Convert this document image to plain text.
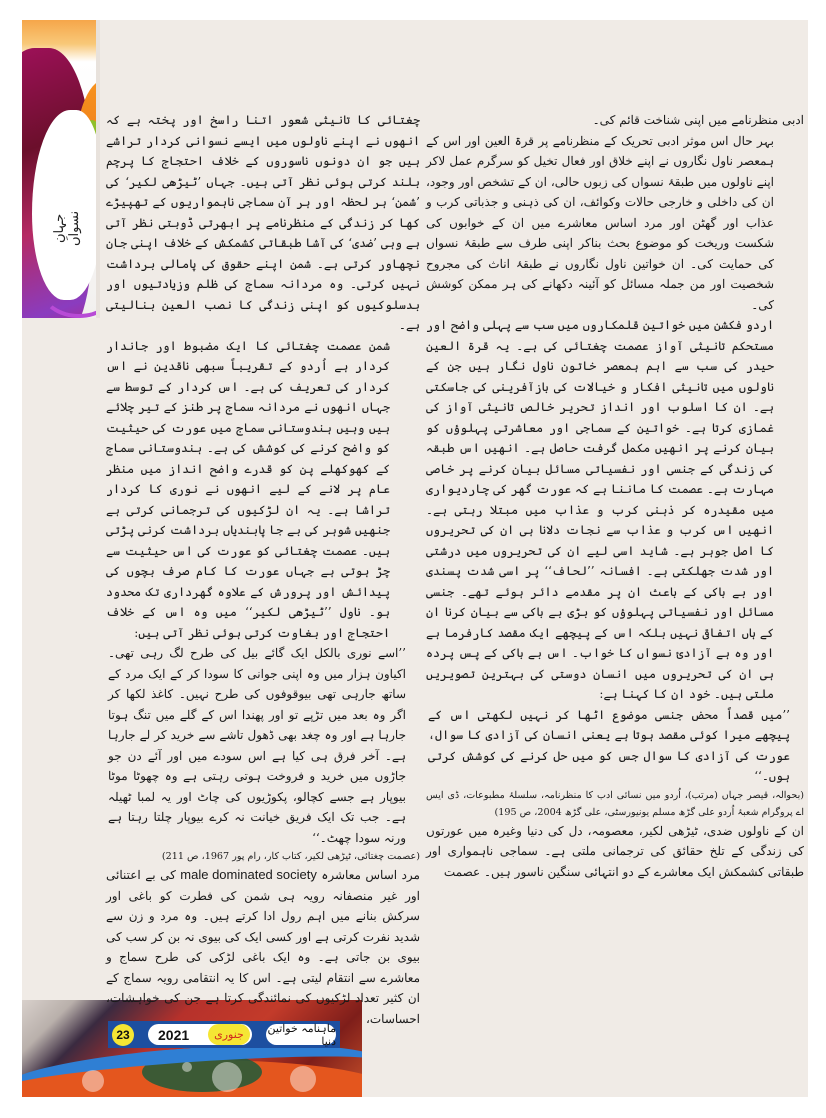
جہانِ نسواں

ادبی منظرنامے میں اپنی شناخت قائم کی۔

بہر حال اس موثر ادبی تحریک کے منظرنامے پر قرۃ العین اور اس کے ہمعصر ناول نگاروں نے اپنے خلاق اور فعال تخیل کو سرگرم عمل لاکر اپنے ناولوں میں طبقۂ نسواں کی زبوں حالی، ان کے تشخص اور وجود، ان کی داخلی و خارجی حالات وکوائف، ان کی ذہنی و جذباتی کرب و عذاب اور گھٹن اور مرد اساس معاشرے میں ان کے خوابوں کی شکست وریخت کو موضوع بحث بناکر اپنی طرف سے طبقۂ نسواں کی حمایت کی۔ ان خواتین ناول نگاروں نے طبقۂ اناث کی مجروح شخصیت اور من جملہ مسائل کو آئینہ دکھانے کی ہر ممکن کوشش کی۔

اردو فکشن میں خواتین قلمکاروں میں سب سے پہلی واضح اور مستحکم تانیثی آواز عصمت چغتائی کی ہے۔ یہ قرۃ العین حیدر کی سب سے اہم ہمعصر خاتون ناول نگار ہیں جن کے ناولوں میں تانیثی افکار و خیالات کی بازآفرینی کی جاسکتی ہے۔ ان کا اسلوب اور انداز تحریر خالص تانیثی آواز کی غمازی کرتا ہے۔ خواتین کے سماجی اور معاشرتی پہلوؤں کو بیان کرنے پر انھیں مکمل گرفت حاصل ہے۔ انھیں اس طبقہ کی زندگی کے جنسی اور نفسیاتی مسائل بیان کرنے پر خاصی مہارت ہے۔ عصمت کا ماننا ہے کہ عورت گھر کی چاردیواری میں مقیدرہ کر ذہنی کرب و عذاب میں مبتلا رہتی ہے۔ انھیں اس کرب و عذاب سے نجات دلانا ہی ان کی تحریروں کا اصل جوہر ہے۔ شاید اسی لیے ان کی تحریروں میں درشتی اور شدت جھلکتی ہے۔ افسانہ ’’لحاف‘‘ پر اسی شدت پسندی اور بے باکی کے باعث ان پر مقدمے دائر ہوئے تھے۔ جنسی مسائل اور نفسیاتی پہلوؤں کو بڑی بے باکی سے بیان کرنا ان کے ہاں اتفاقی نہیں بلکہ اس کے پیچھے ایک مقصد کارفرما ہے اور وہ ہے آزادیٔ نسواں کا خواب۔ اس بے باکی کے پس پردہ ہی ان کی تحریروں میں انسان دوستی کی بہترین تصویریں ملتی ہیں۔ خود ان کا کہنا ہے:

’’میں قصداً محض جنسی موضوع اٹھا کر نہیں لکھتی اس کے پیچھے میرا کوئی مقصد ہوتا ہے یعنی انسان کی آزادی کا سوال، عورت کی آزادی کا سوال جس کو میں حل کرنے کی کوشش کرتی ہوں۔‘‘

(بحوالہ، قیصر جہاں (مرتب)، اُردو میں نسائی ادب کا منظرنامہ، سلسلۂ مطبوعات، ڈی ایس اے پروگرام شعبۂ اُردو علی گڑھ مسلم یونیورسٹی، علی گڑھ 2004، ص 195)

ان کے ناولوں ضدی، ٹیڑھی لکیر، معصومہ، دل کی دنیا وغیرہ میں عورتوں کی زندگی کے تلخ حقائق کی ترجمانی ملتی ہے۔ سماجی ناہمواری اور طبقاتی کشمکش ایک معاشرے کے دو انتہائی سنگین ناسور ہیں۔ عصمت

چغتائی کا تانیثی شعور اتنا راسخ اور پختہ ہے کہ انھوں نے اپنے ناولوں میں ایسے نسوانی کردار تراشے ہیں جو ان دونوں ناسوروں کے خلاف احتجاج کا پرچم بلند کرتی ہوئی نظر آتی ہیں۔ جہاں ’ٹیڑھی لکیر‘ کی ’شمن‘ ہر لحظہ اور ہر آن سماجی ناہمواریوں کے تھپیڑے کھا کر زندگی کے منظرنامے پر ابھرتی ڈوبتی نظر آتی ہے وہی ’ضدی‘ کی آشا طبقاتی کشمکش کے خلاف اپنی جان نچھاور کرتی ہے۔ شمن اپنے حقوق کی پامالی برداشت نہیں کرتی۔ وہ مردانہ سماج کی ظلم وزیادتیوں اور بدسلوکیوں کو اپنی زندگی کا نصب العین بنالیتی ہے۔

شمن عصمت چغتائی کا ایک مضبوط اور جاندار کردار ہے اُردو کے تقریباً سبھی ناقدین نے اس کردار کی تعریف کی ہے۔ اس کردار کے توسط سے جہاں انھوں نے مردانہ سماج پر طنز کے تیر چلائے ہیں وہیں ہندوستانی سماج میں عورت کی حیثیت کو واضح کرنے کی کوشش کی ہے۔ ہندوستانی سماج کے کھوکھلے پن کو قدرے واضح انداز میں منظر عام پر لانے کے لیے انھوں نے نوری کا کردار تراشا ہے۔ یہ ان لڑکیوں کی ترجمانی کرتی ہے جنھیں شوہر کی بے جا پابندیاں برداشت کرنی پڑتی ہیں۔ عصمت چغتائی کو عورت کی اس حیثیت سے چڑ ہوتی ہے جہاں عورت کا کام صرف بچوں کی پیدائش اور پرورش کے علاوہ گھرداری تک محدود ہو۔ ناول ’’ٹیڑھی لکیر‘‘ میں وہ اس کے خلاف احتجاج اور بغاوت کرتی ہوئی نظر آتی ہیں:

’’اسے نوری بالکل ایک گائے بیل کی طرح لگ رہی تھی۔ اکیاون ہزار میں وہ اپنی جوانی کا سودا کر کے ایک مرد کے ساتھ جارہی تھی بیوقوفوں کی طرح نہیں۔ کاغذ لکھا کر اگر وہ بعد میں تڑپے تو اور پھندا اس کے گلے میں تنگ ہوتا جارہا ہے اور وہ چغد بھی ڈھول تاشے سے خرید کر لے جارہا ہے۔ آخر فرق ہی کیا ہے اس سودے میں اور آئے دن جو جاڑوں میں خرید و فروخت ہوتی رہتی ہے وہ چھوٹا موٹا بیوپار ہے جسے کچالو، پکوڑیوں کی چاٹ اور یہ لمبا ٹھیلہ ہے۔ جب تک ایک فریق خیانت نہ کرے بیوپار چلتا رہتا ہے ورنہ سودا چھٹ۔‘‘

(عصمت چغتائی، ٹیڑھی لکیر، کتاب کار، رام پور 1967، ص 211)

مرد اساس معاشرہ male dominated society کی بے اعتنائی اور غیر منصفانہ رویہ ہی شمن کی فطرت کو باغی اور سرکش بنانے میں اہم رول ادا کرتے ہیں۔ وہ مرد و زن سے شدید نفرت کرتی ہے اور کسی ایک کی بیوی نہ بن کر سب کی بیوی بن جاتی ہے۔ وہ ایک باغی لڑکی کی طرح سماج و معاشرے سے انتقام لیتی ہے۔ اس کا یہ انتقامی رویہ سماج کے ان کثیر تعداد لڑکیوں کی نمائندگی کرتا ہے جن کی خواہشات، احساسات،

23	2021	جنوری	ماہنامہ خواتین دنیا
